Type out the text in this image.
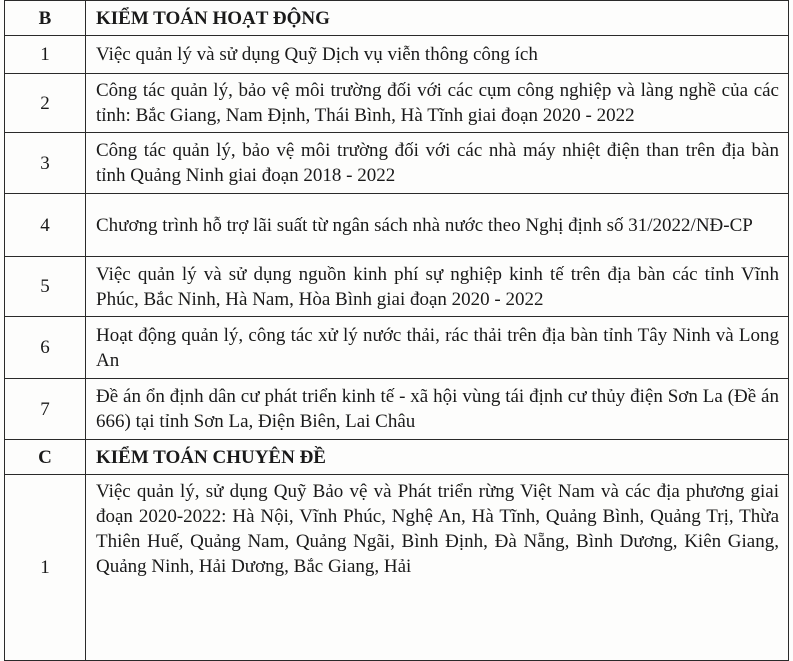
B	KIỂM TOÁN HOẠT ĐỘNG
1	Việc quản lý và sử dụng Quỹ Dịch vụ viễn thông công ích
2	Công tác quản lý, bảo vệ môi trường đối với các cụm công nghiệp và làng nghề của các tỉnh: Bắc Giang, Nam Định, Thái Bình, Hà Tĩnh giai đoạn 2020 - 2022
3	Công tác quản lý, bảo vệ môi trường đối với các nhà máy nhiệt điện than trên địa bàn tỉnh Quảng Ninh giai đoạn 2018 - 2022
4	Chương trình hỗ trợ lãi suất từ ngân sách nhà nước theo Nghị định số 31/2022/NĐ-CP
5	Việc quản lý và sử dụng nguồn kinh phí sự nghiệp kinh tế trên địa bàn các tỉnh Vĩnh Phúc, Bắc Ninh, Hà Nam, Hòa Bình giai đoạn 2020 - 2022
6	Hoạt động quản lý, công tác xử lý nước thải, rác thải trên địa bàn tỉnh Tây Ninh và Long An
7	Đề án ổn định dân cư phát triển kinh tế - xã hội vùng tái định cư thủy điện Sơn La (Đề án 666) tại tỉnh Sơn La, Điện Biên, Lai Châu
C	KIỂM TOÁN CHUYÊN ĐỀ
1	Việc quản lý, sử dụng Quỹ Bảo vệ và Phát triển rừng Việt Nam và các địa phương giai đoạn 2020-2022: Hà Nội, Vĩnh Phúc, Nghệ An, Hà Tĩnh, Quảng Bình, Quảng Trị, Thừa Thiên Huế, Quảng Nam, Quảng Ngãi, Bình Định, Đà Nẵng, Bình Dương, Kiên Giang, Quảng Ninh, Hải Dương, Bắc Giang, Hải
